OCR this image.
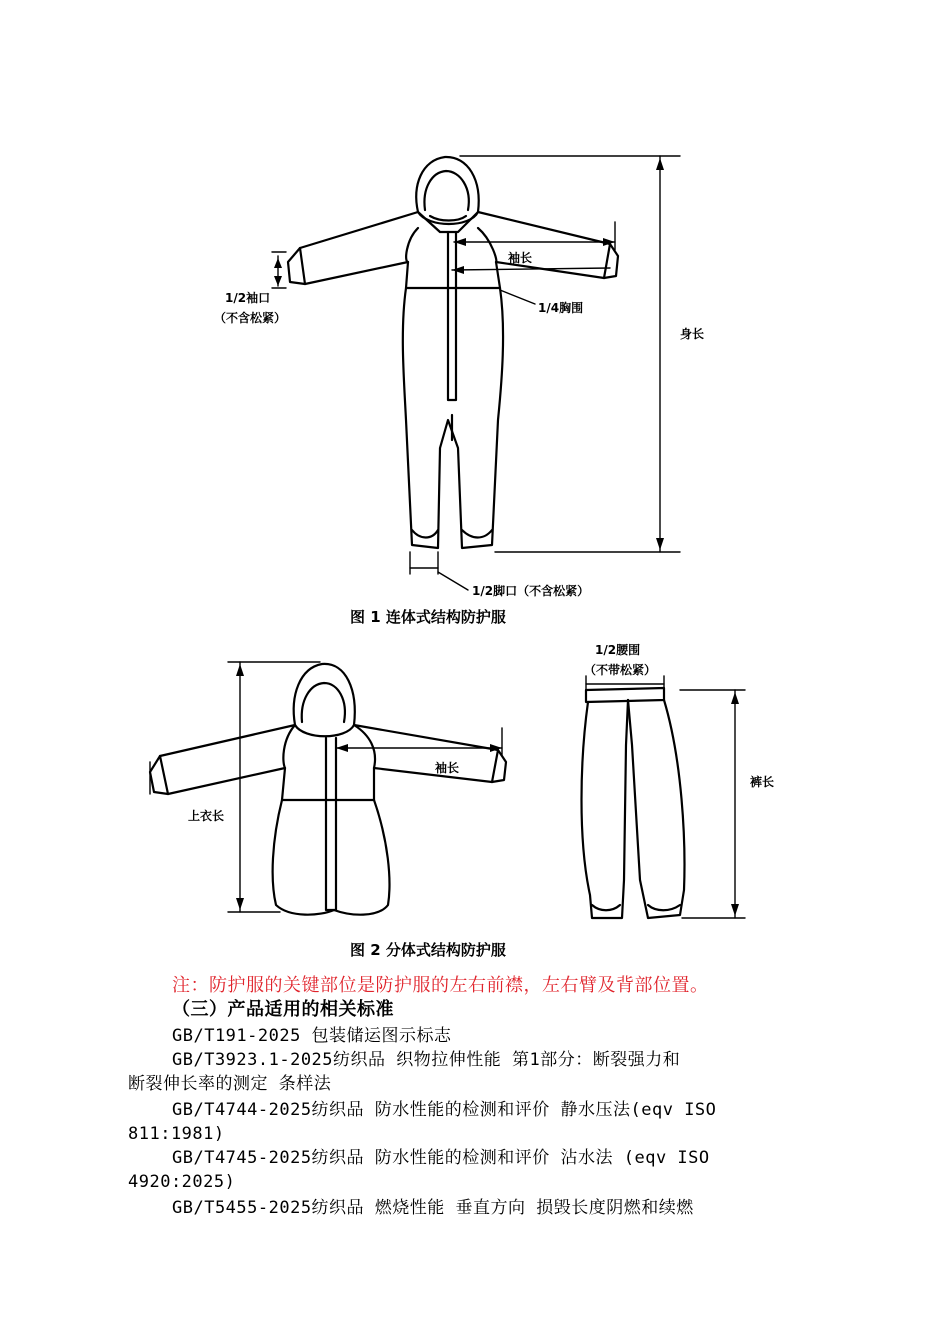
袖长
1/4胸围
1/2袖口
（不含松紧）
身长
1/2脚口（不含松紧）
图 1 连体式结构防护服
1/2腰围
（不带松紧）
袖长
上衣长
裤长
图 2 分体式结构防护服
注：防护服的关键部位是防护服的左右前襟，左右臂及背部位置。
（三）产品适用的相关标准
GB/T191-2025 包装储运图示标志
GB/T3923.1-2025纺织品 织物拉伸性能 第1部分：断裂强力和
断裂伸长率的测定 条样法
GB/T4744-2025纺织品 防水性能的检测和评价 静水压法(eqv ISO
811:1981)
GB/T4745-2025纺织品 防水性能的检测和评价 沾水法 (eqv ISO
4920:2025)
GB/T5455-2025纺织品 燃烧性能 垂直方向 损毁长度阴燃和续燃
